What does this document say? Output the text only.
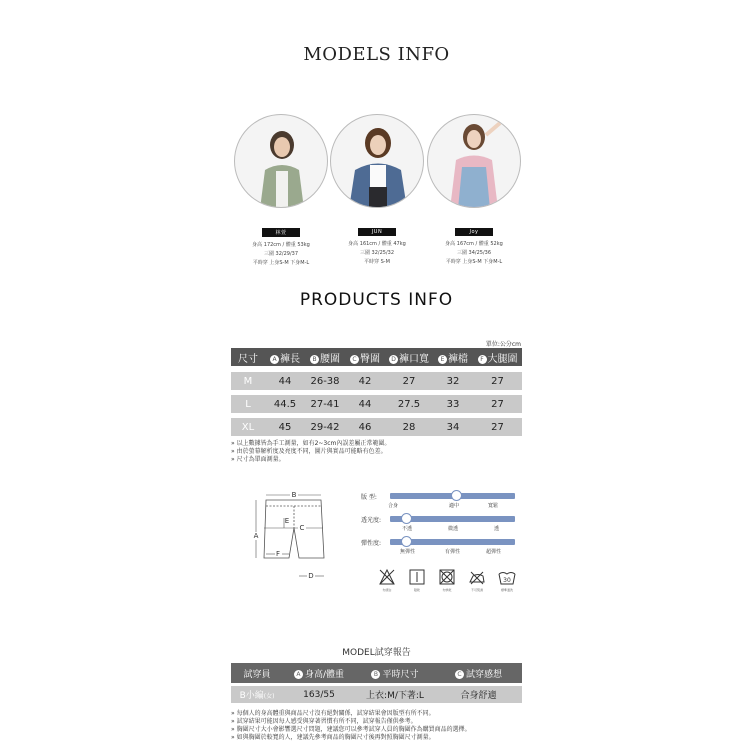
MODELS INFO
林萱
身高 172cm / 體重 53kg
三圍 32/29/37
平時穿 上身S-M 下身M-L
JUN
身高 161cm / 體重 47kg
三圍 32/25/32
平時穿 S-M
Joy
身高 167cm / 體重 52kg
三圍 34/25/36
平時穿 上身S-M 下身M-L
PRODUCTS INFO
單位:公分cm
尺寸	A 褲長	B 腰圍	C 臀圍	D 褲口寬	E 褲檔	F 大腿圍
M	44	26-38	42	27	32	27
L	44.5	27-41	44	27.5	33	27
XL	45	29-42	46	28	34	27
» 以上數據皆為手工測量，如有2~3cm內誤差屬正常範圍。
» 由於螢幕解析度及亮度不同，圖片與實品可能略有色差。
» 尺寸為單面測量。
B
A
C
E
F
D
版 型:
合身	適中	寬鬆
透光度:
不透	微透	透
彈性度:
無彈性	有彈性	超彈性
勿漂白	陰乾	勿烘乾	不可熨燙
30
標準溫洗
MODEL試穿報告
試穿員	A 身高/體重	B 平時尺寸	C 試穿感想
B小編(女)	163/55	上衣:M/下著:L	合身舒適
» 每個人的身高體重與商品尺寸沒有絕對關係，試穿結果會因版型有所不同。
» 試穿結果可能因每人感受與穿著習慣有所不同，試穿報告僅供參考。
» 胸圍尺寸大小會影響選尺寸問題，建議您可以參考試穿人員的胸圍作為購買商品的選擇。
» 如與胸圍於較寬的人，建議先參考商品的胸圍尺寸後再對照胸圍尺寸測量。
